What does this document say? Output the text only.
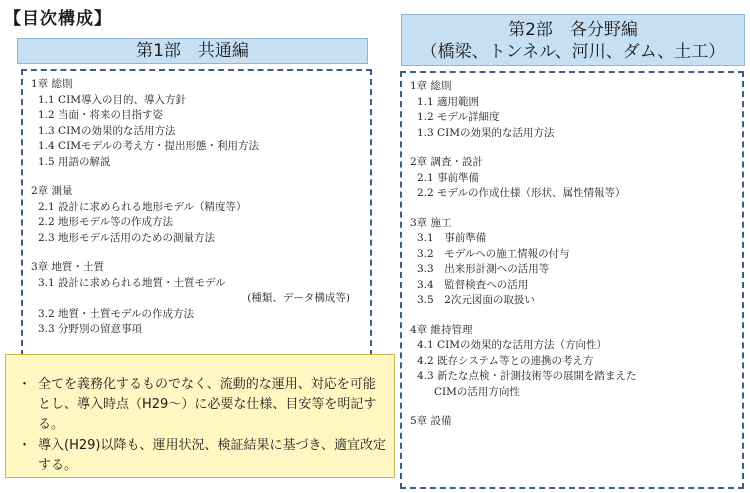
【目次構成】
第1部　共通編
第2部　各分野編
（橋梁、トンネル、河川、ダム、土工）
1章 総則
1.1 CIM導入の目的、導入方針
1.2 当面・将来の目指す姿
1.3 CIMの効果的な活用方法
1.4 CIMモデルの考え方・提出形態・利用方法
1.5 用語の解説
2章 測量
2.1 設計に求められる地形モデル（精度等）
2.2 地形モデル等の作成方法
2.3 地形モデル活用のための測量方法
3章 地質・土質
3.1 設計に求められる地質・土質モデル
(種類、データ構成等)
3.2 地質・土質モデルの作成方法
3.3 分野別の留意事項
1章 総則
1.1 適用範囲
1.2 モデル詳細度
1.3 CIMの効果的な活用方法
2章 調査・設計
2.1 事前準備
2.2 モデルの作成仕様（形状、属性情報等）
3章 施工
3.1　事前準備
3.2　モデルへの施工情報の付与
3.3　出来形計測への活用等
3.4　監督検査への活用
3.5　2次元図面の取扱い
4章 維持管理
4.1 CIMの効果的な活用方法（方向性）
4.2 既存システム等との連携の考え方
4.3 新たな点検・計測技術等の展開を踏まえた
CIMの活用方向性
5章 設備
・ 全てを義務化するものでなく、流動的な運用、対応を可能とし、導入時点（H29～）に必要な仕様、目安等を明記する。
・ 導入(H29)以降も、運用状況、検証結果に基づき、適宜改定する。
